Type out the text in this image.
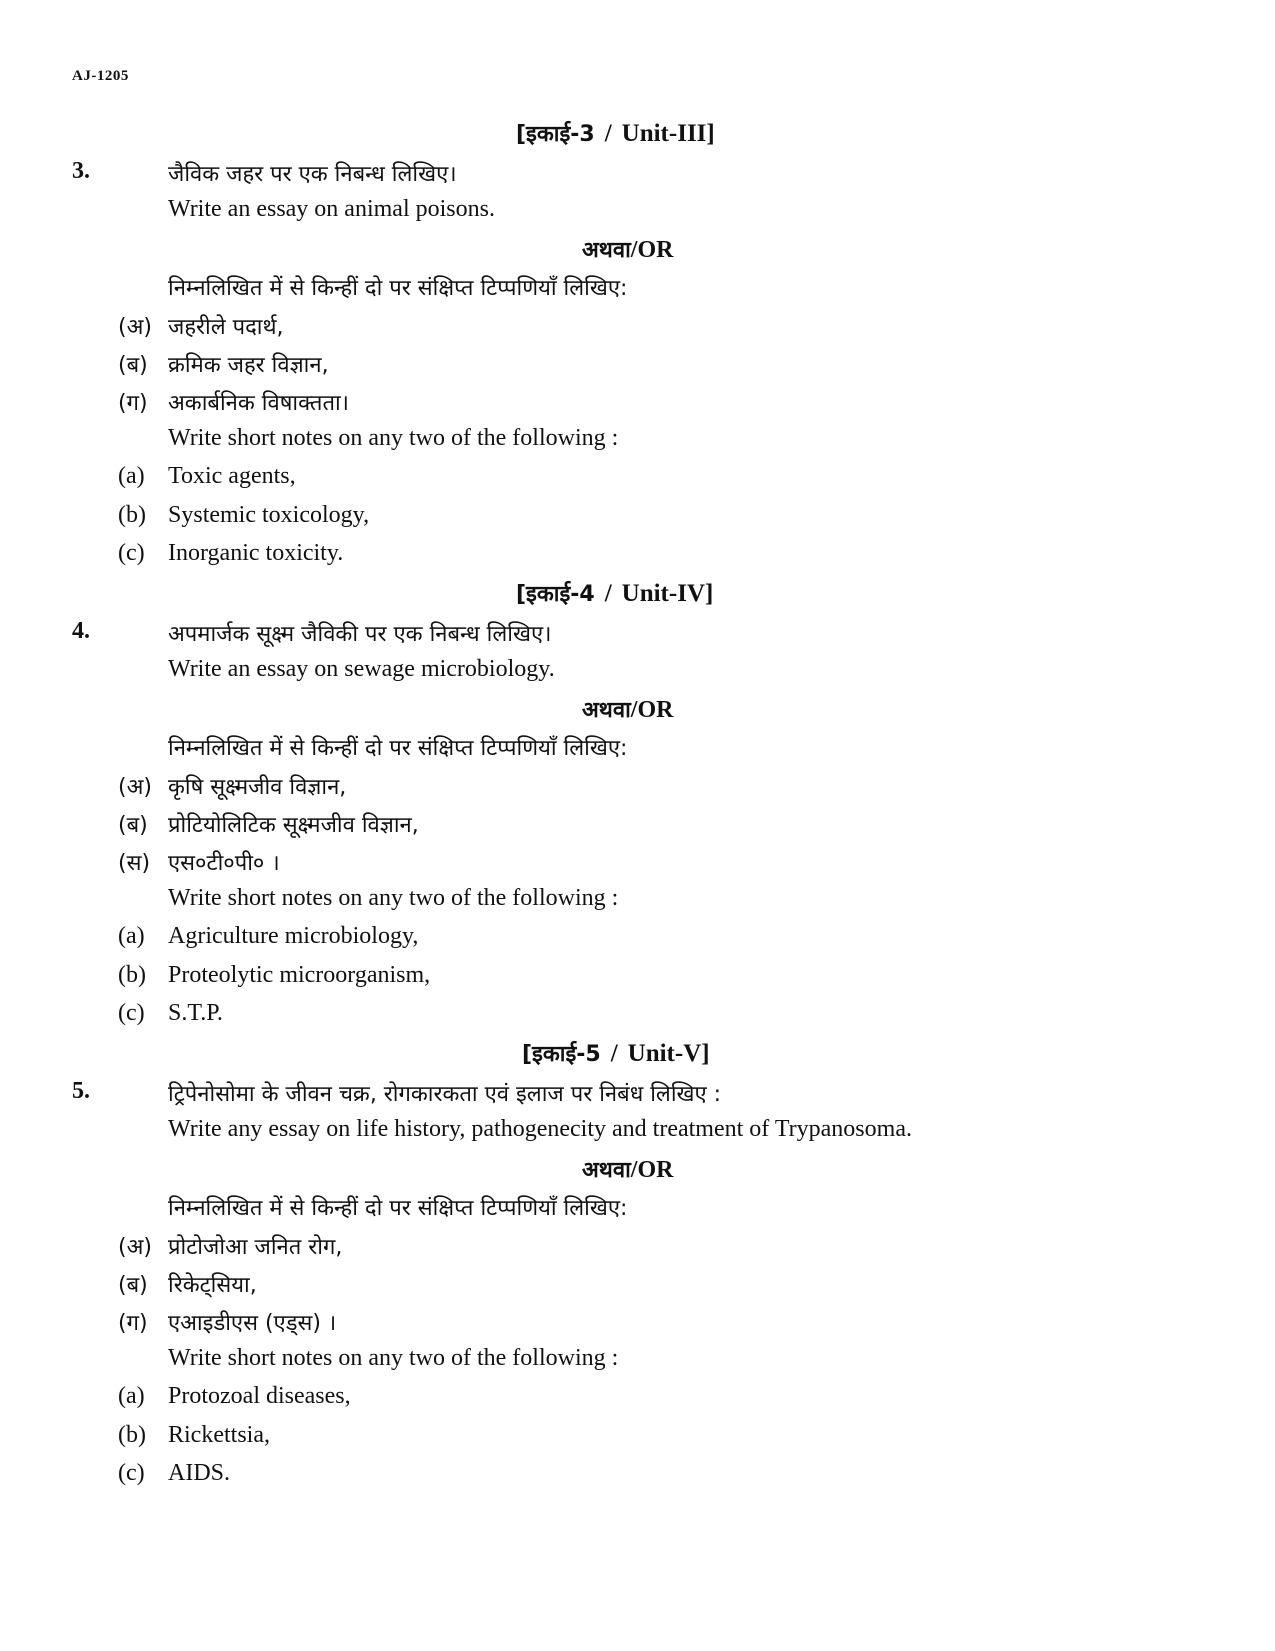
AJ-1205
[इकाई-3 / Unit-III]
3.	जैविक जहर पर एक निबन्ध लिखिए।
Write an essay on animal poisons.
अथवा/OR
निम्नलिखित में से किन्हीं दो पर संक्षिप्त टिप्पणियाँ लिखिए:
(अ) जहरीले पदार्थ,
(ब) क्रमिक जहर विज्ञान,
(ग) अकार्बनिक विषाक्तता।
Write short notes on any two of the following :
(a) Toxic agents,
(b) Systemic toxicology,
(c) Inorganic toxicity.
[इकाई-4 / Unit-IV]
4.	अपमार्जक सूक्ष्म जैविकी पर एक निबन्ध लिखिए।
Write an essay on sewage microbiology.
अथवा/OR
निम्नलिखित में से किन्हीं दो पर संक्षिप्त टिप्पणियाँ लिखिए:
(अ) कृषि सूक्ष्मजीव विज्ञान,
(ब) प्रोटियोलिटिक सूक्ष्मजीव विज्ञान,
(स) एस०टी०पी० ।
Write short notes on any two of the following :
(a) Agriculture microbiology,
(b) Proteolytic microorganism,
(c) S.T.P.
[इकाई-5 / Unit-V]
5.	ट्रिपेनोसोमा के जीवन चक्र, रोगकारकता एवं इलाज पर निबंध लिखिए :
Write any essay on life history, pathogenecity and treatment of Trypanosoma.
अथवा/OR
निम्नलिखित में से किन्हीं दो पर संक्षिप्त टिप्पणियाँ लिखिए:
(अ) प्रोटोजोआ जनित रोग,
(ब) रिकेट्सिया,
(ग) एआइडीएस (एड्स) ।
Write short notes on any two of the following :
(a) Protozoal diseases,
(b) Rickettsia,
(c) AIDS.
